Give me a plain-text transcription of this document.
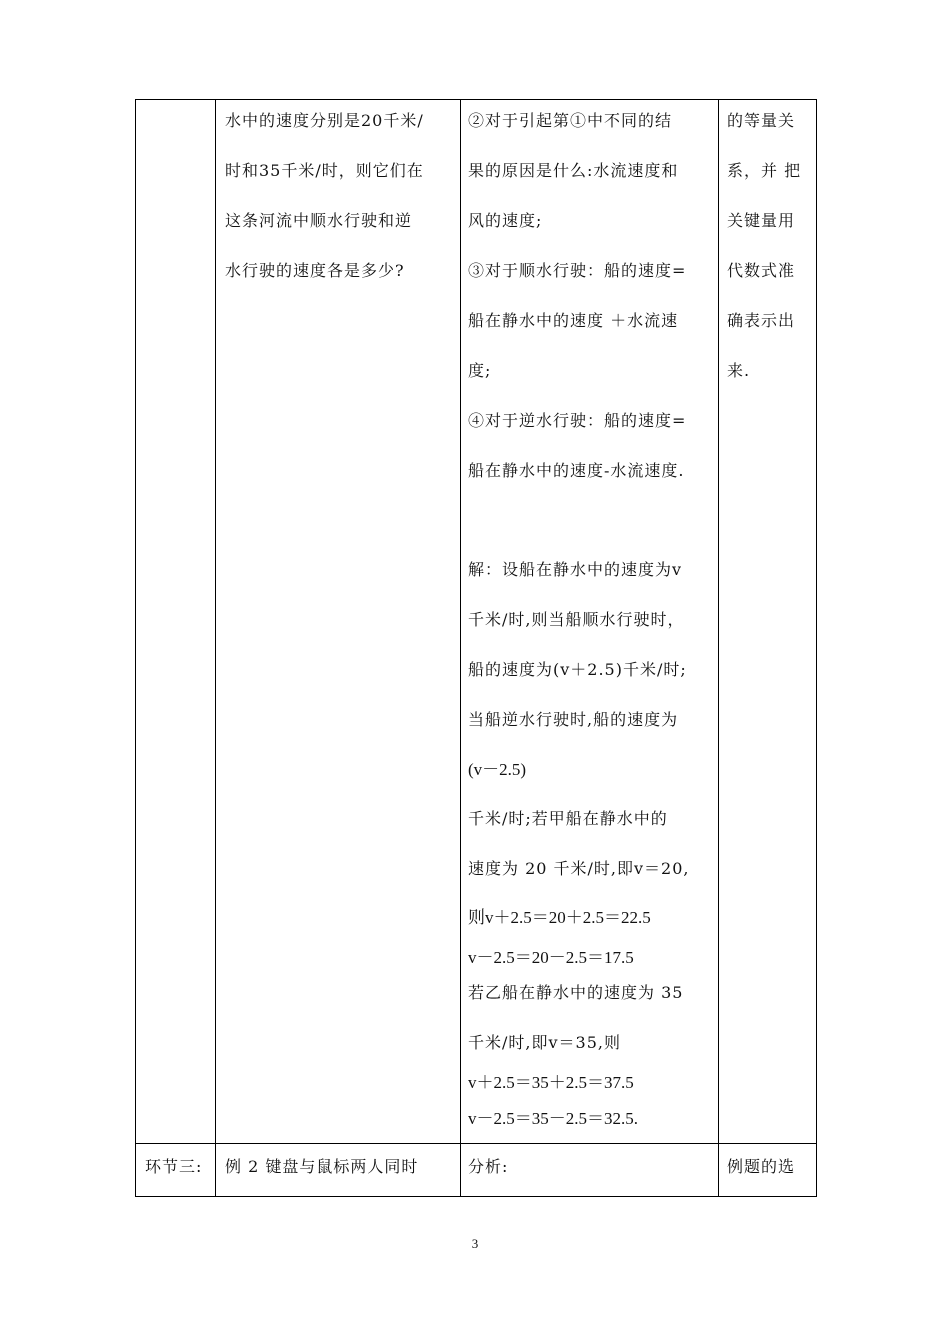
水中的速度分别是20千米/
时和35千米/时，则它们在
这条河流中顺水行驶和逆
水行驶的速度各是多少?
②对于引起第①中不同的结
果的原因是什么:水流速度和
风的速度;
③对于顺水行驶：船的速度=
船在静水中的速度 ＋水流速
度;
④对于逆水行驶：船的速度=
船在静水中的速度-水流速度.
解：设船在静水中的速度为v
千米/时,则当船顺水行驶时，
船的速度为(v＋2.5)千米/时;
当船逆水行驶时,船的速度为
(v－2.5)
千米/时;若甲船在静水中的
速度为 20 千米/时,即v＝20,
则v＋2.5＝20＋2.5＝22.5
v－2.5＝20－2.5＝17.5
若乙船在静水中的速度为 35
千米/时,即v＝35,则
v＋2.5＝35＋2.5＝37.5
v－2.5＝35－2.5＝32.5.
的等量关
系，并 把
关键量用
代数式准
确表示出
来.
环节三: 例 2 键盘与鼠标两人同时	分析:	例题的选
3
